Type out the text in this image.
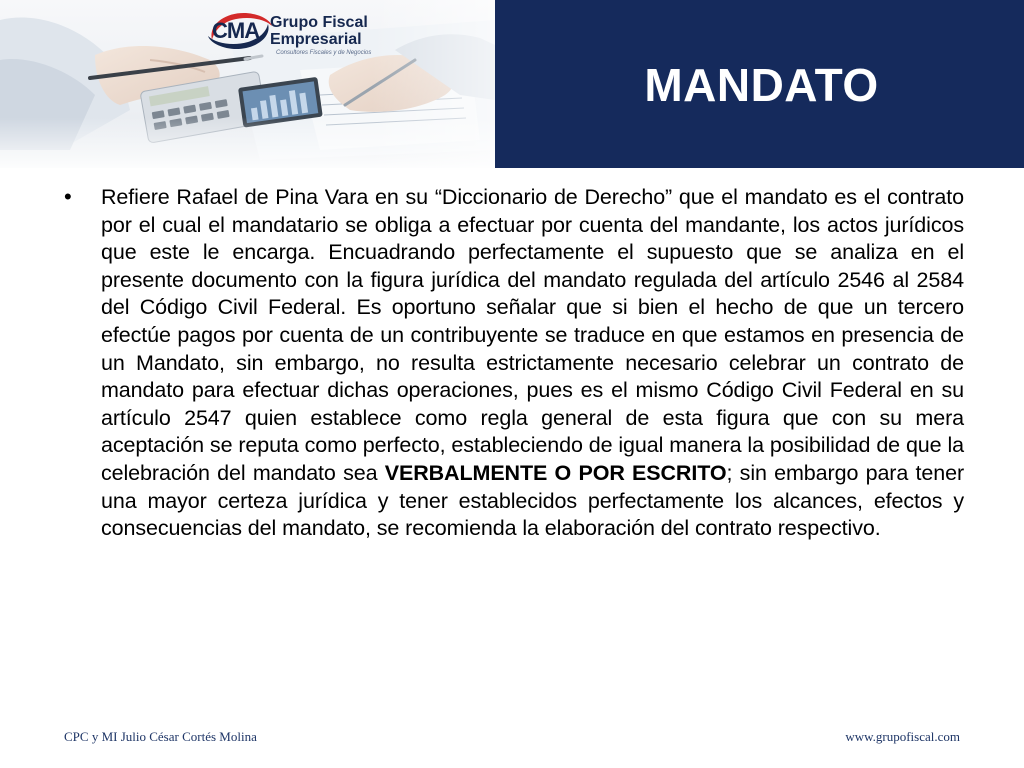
CMA Grupo Fiscal
Empresarial
Consultores Fiscales y de Negocios
MANDATO
• Refiere Rafael de Pina Vara en su “Diccionario de Derecho” que el mandato es el contrato por el cual el mandatario se obliga a efectuar por cuenta del mandante, los actos jurídicos que este le encarga. Encuadrando perfectamente el supuesto que se analiza en el presente documento con la figura jurídica del mandato regulada del artículo 2546 al 2584 del Código Civil Federal. Es oportuno señalar que si bien el hecho de que un tercero efectúe pagos por cuenta de un contribuyente se traduce en que estamos en presencia de un Mandato, sin embargo, no resulta estrictamente necesario celebrar un contrato de mandato para efectuar dichas operaciones, pues es el mismo Código Civil Federal en su artículo 2547 quien establece como regla general de esta figura que con su mera aceptación se reputa como perfecto, estableciendo de igual manera la posibilidad de que la celebración del mandato sea VERBALMENTE O POR ESCRITO; sin embargo para tener una mayor certeza jurídica y tener establecidos perfectamente los alcances, efectos y consecuencias del mandato, se recomienda la elaboración del contrato respectivo.

CPC y MI Julio César Cortés Molina	www.grupofiscal.com
